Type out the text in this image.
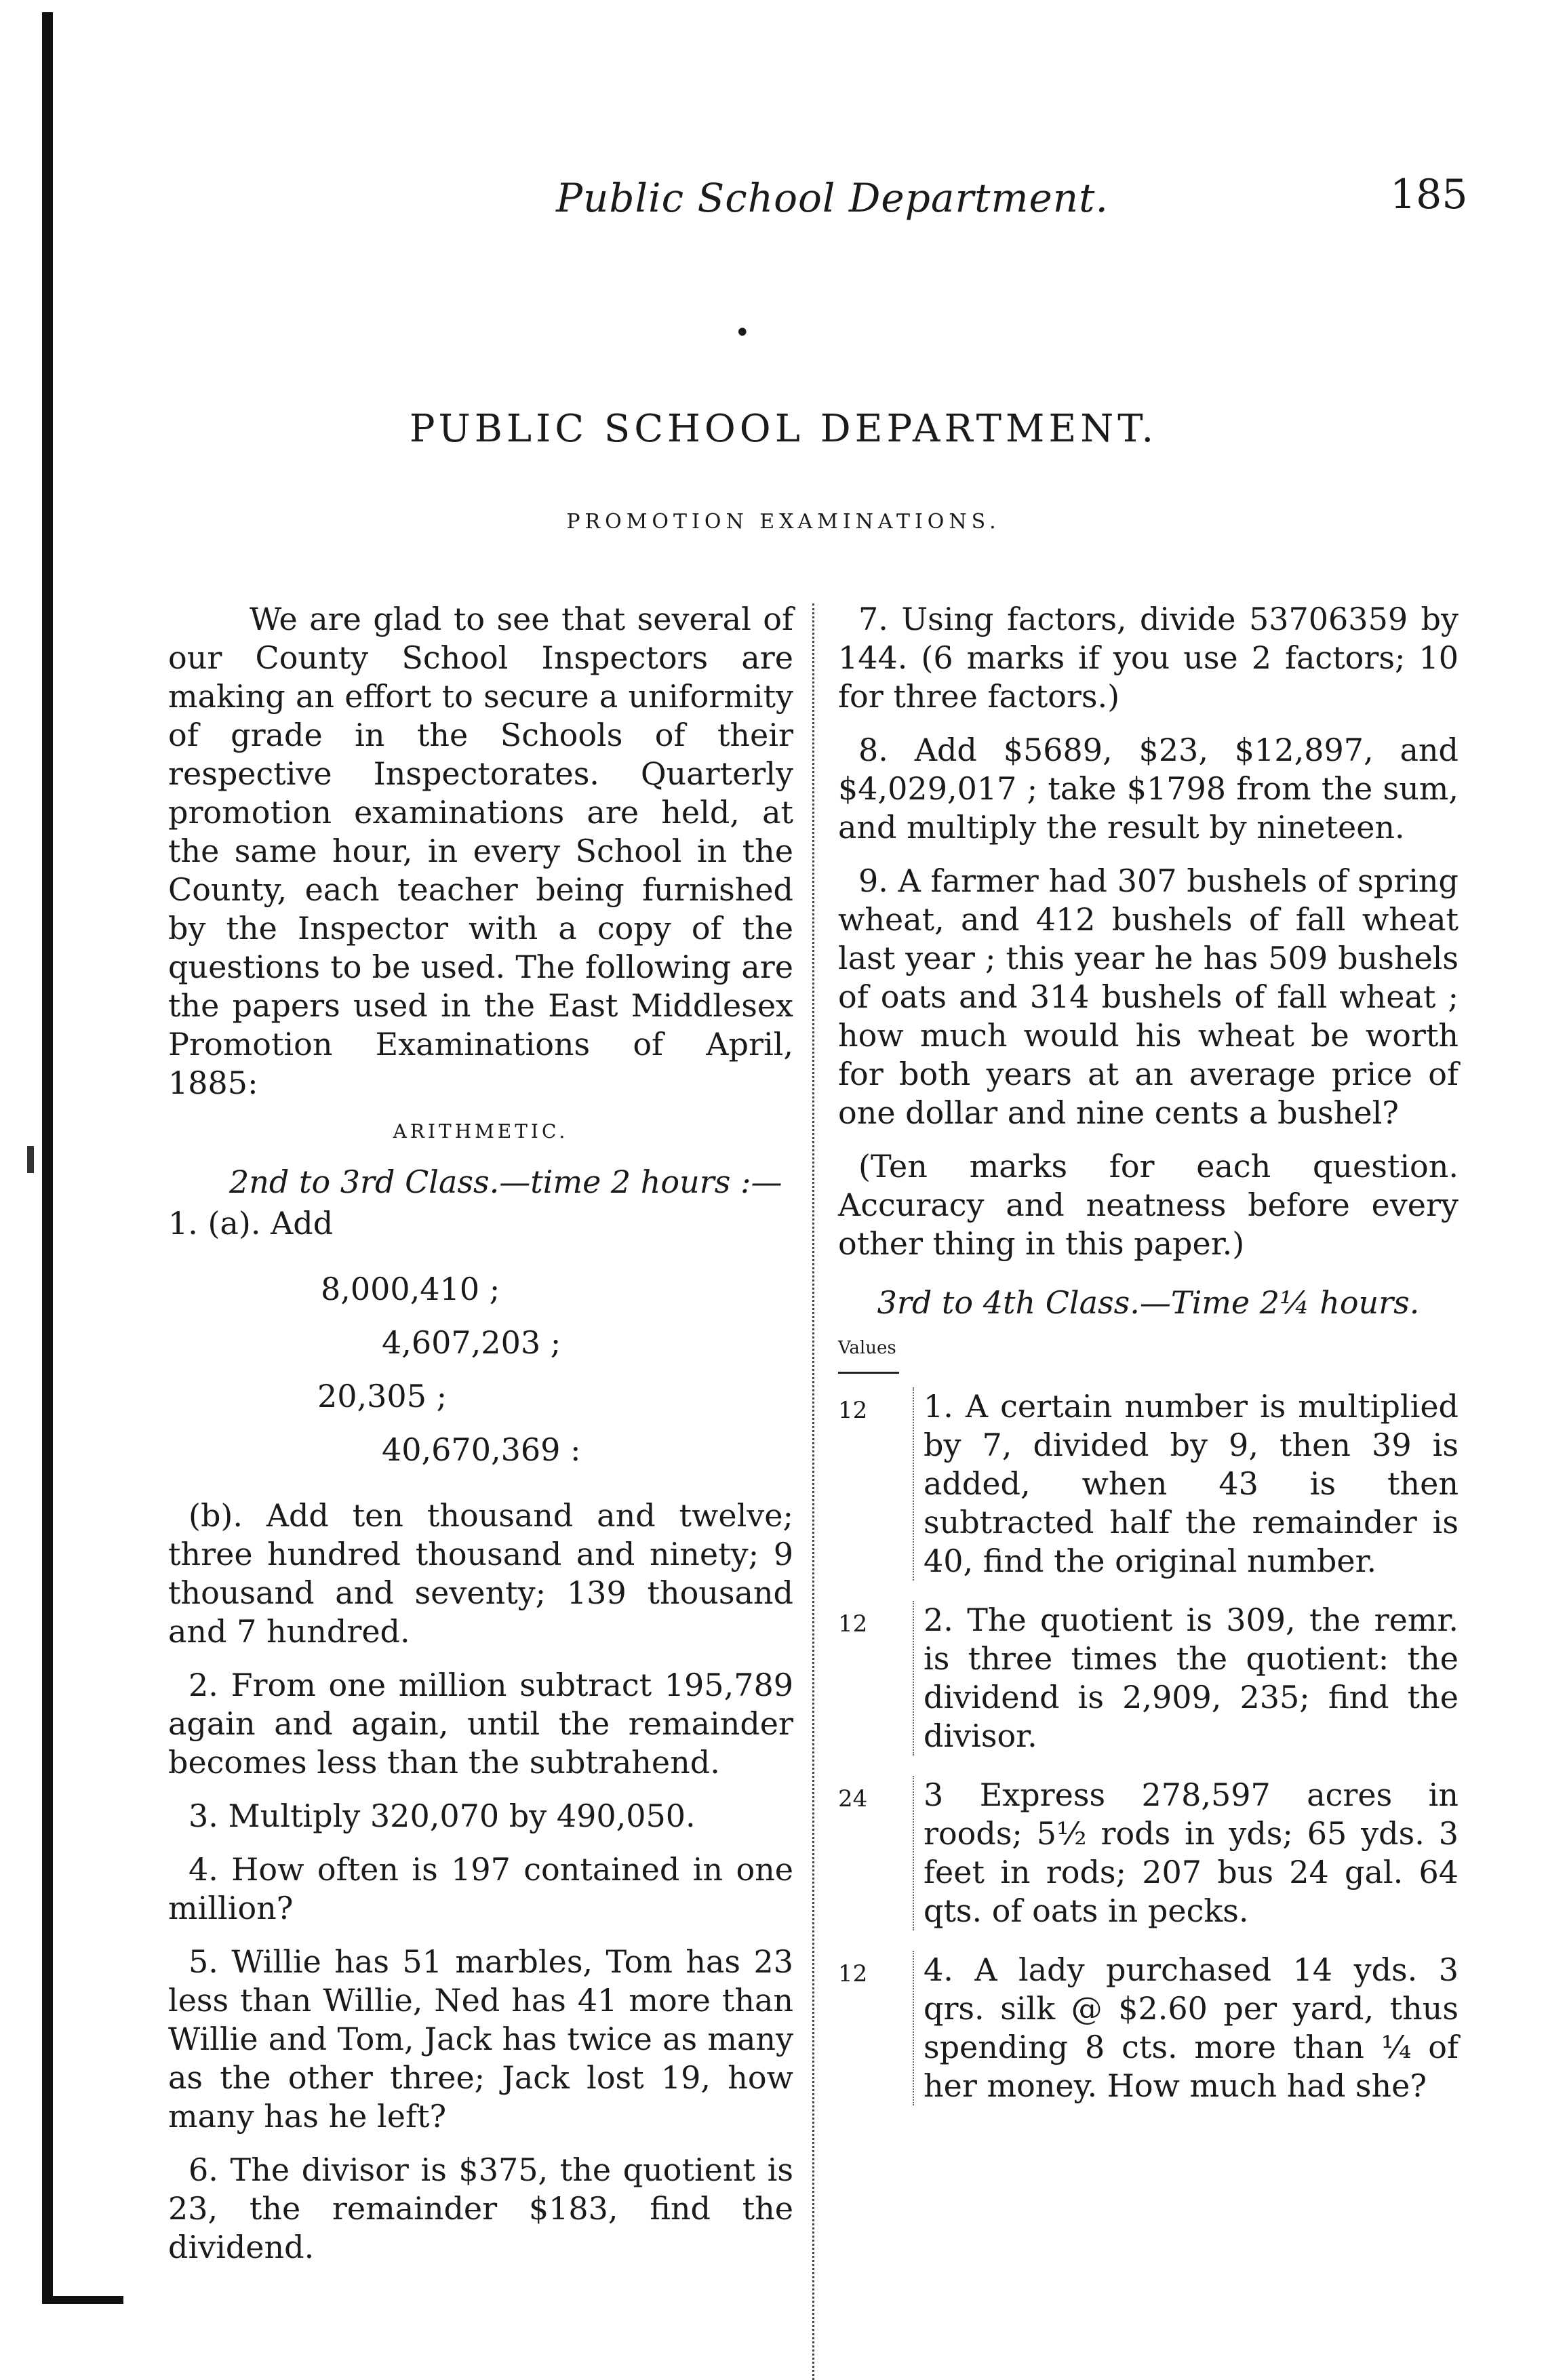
Public School Department.	185
•
PUBLIC SCHOOL DEPARTMENT.
PROMOTION EXAMINATIONS.

We are glad to see that several of our County School Inspectors are making an effort to secure a uniformity of grade in the Schools of their respective Inspectorates. Quarterly promotion examinations are held, at the same hour, in every School in the County, each teacher being furnished by the Inspector with a copy of the questions to be used. The following are the papers used in the East Middlesex Promotion Examinations of April, 1885:

ARITHMETIC.
2nd to 3rd Class.—time 2 hours :—

1. (a). Add

8,000,410 ;

4,607,203 ;

20,305 ;

40,670,369 :

(b). Add ten thousand and twelve; three hundred thousand and ninety; 9 thousand and seventy; 139 thousand and 7 hundred.

2. From one million subtract 195,789 again and again, until the remainder becomes less than the subtrahend.

3. Multiply 320,070 by 490,050.

4. How often is 197 contained in one million?

5. Willie has 51 marbles, Tom has 23 less than Willie, Ned has 41 more than Willie and Tom, Jack has twice as many as the other three; Jack lost 19, how many has he left?

6. The divisor is $375, the quotient is 23, the remainder $183, find the dividend.

7. Using factors, divide 53706359 by 144. (6 marks if you use 2 factors; 10 for three factors.)

8. Add $5689, $23, $12,897, and $4,029,017 ; take $1798 from the sum, and multiply the result by nineteen.

9. A farmer had 307 bushels of spring wheat, and 412 bushels of fall wheat last year ; this year he has 509 bushels of oats and 314 bushels of fall wheat ; how much would his wheat be worth for both years at an average price of one dollar and nine cents a bushel?

(Ten marks for each question. Accuracy and neatness before every other thing in this paper.)

3rd to 4th Class.—Time 2¼ hours.
Values
12	1. A certain number is multiplied by 7, divided by 9, then 39 is added, when 43 is then subtracted half the remainder is 40, find the original number.
12	2. The quotient is 309, the remr. is three times the quotient: the dividend is 2,909, 235; find the divisor.
24	3 Express 278,597 acres in roods; 5½ rods in yds; 65 yds. 3 feet in rods; 207 bus 24 gal. 64 qts. of oats in pecks.
12	4. A lady purchased 14 yds. 3 qrs. silk @ $2.60 per yard, thus spending 8 cts. more than ¼ of her money. How much had she?
